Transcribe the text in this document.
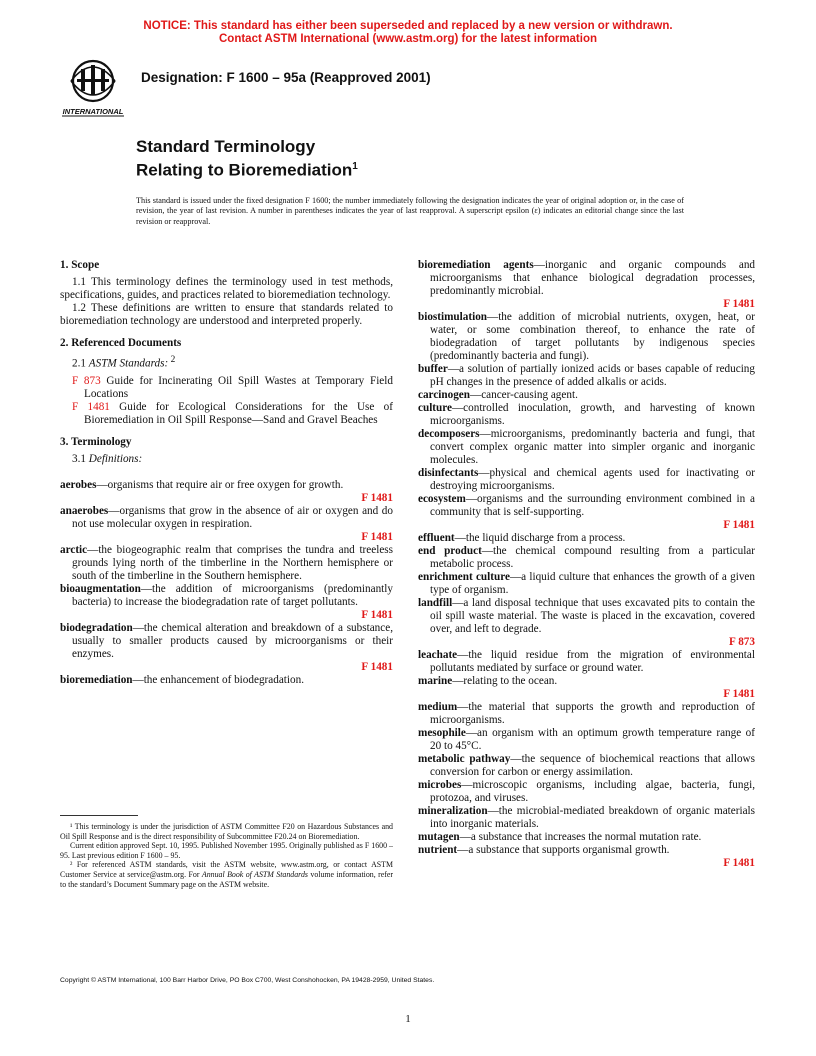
NOTICE: This standard has either been superseded and replaced by a new version or withdrawn.
Contact ASTM International (www.astm.org) for the latest information
INTERNATIONAL
Designation: F 1600 – 95a (Reapproved 2001)
Standard Terminology
Relating to Bioremediation$^1$
This standard is issued under the fixed designation F 1600; the number immediately following the designation indicates the year of original adoption or, in the case of revision, the year of last revision. A number in parentheses indicates the year of last reapproval. A superscript epsilon (ε) indicates an editorial change since the last revision or reapproval.
1. Scope

1.1 This terminology defines the terminology used in test methods, specifications, guides, and practices related to bioremediation technology.

1.2 These definitions are written to ensure that standards related to bioremediation technology are understood and interpreted properly.

2. Referenced Documents
2.1 ASTM Standards: $^2$

F 873 Guide for Incinerating Oil Spill Wastes at Temporary Field Locations

F 1481 Guide for Ecological Considerations for the Use of Bioremediation in Oil Spill Response—Sand and Gravel Beaches

3. Terminology
3.1 Definitions:

aerobes—organisms that require air or free oxygen for growth.
F 1481

anaerobes—organisms that grow in the absence of air or oxygen and do not use molecular oxygen in respiration.
F 1481

arctic—the biogeographic realm that comprises the tundra and treeless grounds lying north of the timberline in the Northern hemisphere or south of the timberline in the Southern hemisphere.

bioaugmentation—the addition of microorganisms (predominantly bacteria) to increase the biodegradation rate of target pollutants.
F 1481

biodegradation—the chemical alteration and breakdown of a substance, usually to smaller products caused by microorganisms or their enzymes.
F 1481

bioremediation—the enhancement of biodegradation.

bioremediation agents—inorganic and organic compounds and microorganisms that enhance biological degradation processes, predominantly microbial.
F 1481

biostimulation—the addition of microbial nutrients, oxygen, heat, or water, or some combination thereof, to enhance the rate of biodegradation of target pollutants by indigenous species (predominantly bacteria and fungi).

buffer—a solution of partially ionized acids or bases capable of reducing pH changes in the presence of added alkalis or acids.

carcinogen—cancer-causing agent.

culture—controlled inoculation, growth, and harvesting of known microorganisms.

decomposers—microorganisms, predominantly bacteria and fungi, that convert complex organic matter into simpler organic and inorganic molecules.

disinfectants—physical and chemical agents used for inactivating or destroying microorganisms.

ecosystem—organisms and the surrounding environment combined in a community that is self-supporting.
F 1481

effluent—the liquid discharge from a process.

end product—the chemical compound resulting from a particular metabolic process.

enrichment culture—a liquid culture that enhances the growth of a given type of organism.

landfill—a land disposal technique that uses excavated pits to contain the oil spill waste material. The waste is placed in the excavation, covered over, and left to degrade.
F 873

leachate—the liquid residue from the migration of environmental pollutants mediated by surface or ground water.

marine—relating to the ocean.
F 1481

medium—the material that supports the growth and reproduction of microorganisms.

mesophile—an organism with an optimum growth temperature range of 20 to 45°C.

metabolic pathway—the sequence of biochemical reactions that allows conversion for carbon or energy assimilation.

microbes—microscopic organisms, including algae, bacteria, fungi, protozoa, and viruses.

mineralization—the microbial-mediated breakdown of organic materials into inorganic materials.

mutagen—a substance that increases the normal mutation rate.

nutrient—a substance that supports organismal growth.
F 1481

¹ This terminology is under the jurisdiction of ASTM Committee F20 on Hazardous Substances and Oil Spill Response and is the direct responsibility of Subcommittee F20.24 on Bioremediation.

Current edition approved Sept. 10, 1995. Published November 1995. Originally published as F 1600 – 95. Last previous edition F 1600 – 95.

² For referenced ASTM standards, visit the ASTM website, www.astm.org, or contact ASTM Customer Service at service@astm.org. For Annual Book of ASTM Standards volume information, refer to the standard’s Document Summary page on the ASTM website.

Copyright © ASTM International, 100 Barr Harbor Drive, PO Box C700, West Conshohocken, PA 19428-2959, United States.
1
